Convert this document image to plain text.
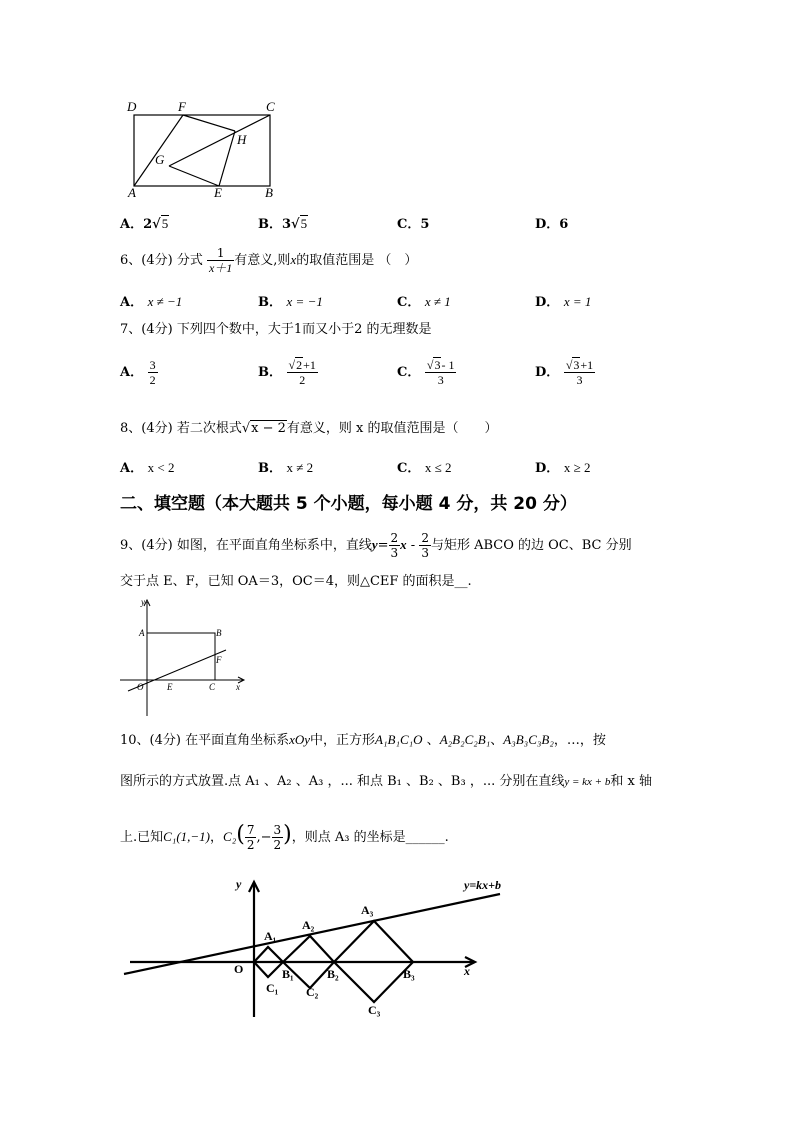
D	F	C
H
G
A	E	B
A．2√5	B．3√5	C．5	D．6
6、(4分) 分式 $\frac{1}{x+1}$ 有意义,则x的取值范围是 （　）
A． x ≠ −1	B． x = −1	C． x ≠ 1	D． x = 1
7、(4分) 下列四个数中，大于1而又小于2 的无理数是
A． $\frac{3}{2}$	B． $\frac{√2+1}{2}$	C． $\frac{√3- 1}{3}$	D． $\frac{√3+1}{3}$
8、(4分) 若二次根式√x − 2有意义，则 x 的取值范围是（　　）
A． x < 2	B． x ≠ 2	C． x ≤ 2	D． x ≥ 2
二、填空题（本大题共 5 个小题，每小题 4 分，共 20 分）
9、(4分) 如图，在平面直角坐标系中，直线$y= \frac{2}{3}$ x - $\frac{2}{3}$ 与矩形 ABCO 的边 OC、BC 分别
交于点 E、F，已知 OA＝3，OC＝4，则△CEF 的面积是__.
y
x
A	B
F
O	E	C
10、(4分) 在平面直角坐标系xOy中，正方形A₁B₁C₁O 、A₂B₂C₂B₁、A₃B₃C₃B₂，…，按
图所示的方式放置.点 A₁ 、A₂ 、A₃ ，... 和点 B₁ 、B₂ 、B₃ ，... 分别在直线y = kx + b和 x 轴
上.已知C₁(1,−1)，$C_2( \frac{7}{2}$ ,− $\frac{3}{2}$ )，则点 A₃ 的坐标是______.
y=kx+b
y
x
A₁
A₂
A₃
O	B₁	B₂	B₃
C₁ C₂
C₃
